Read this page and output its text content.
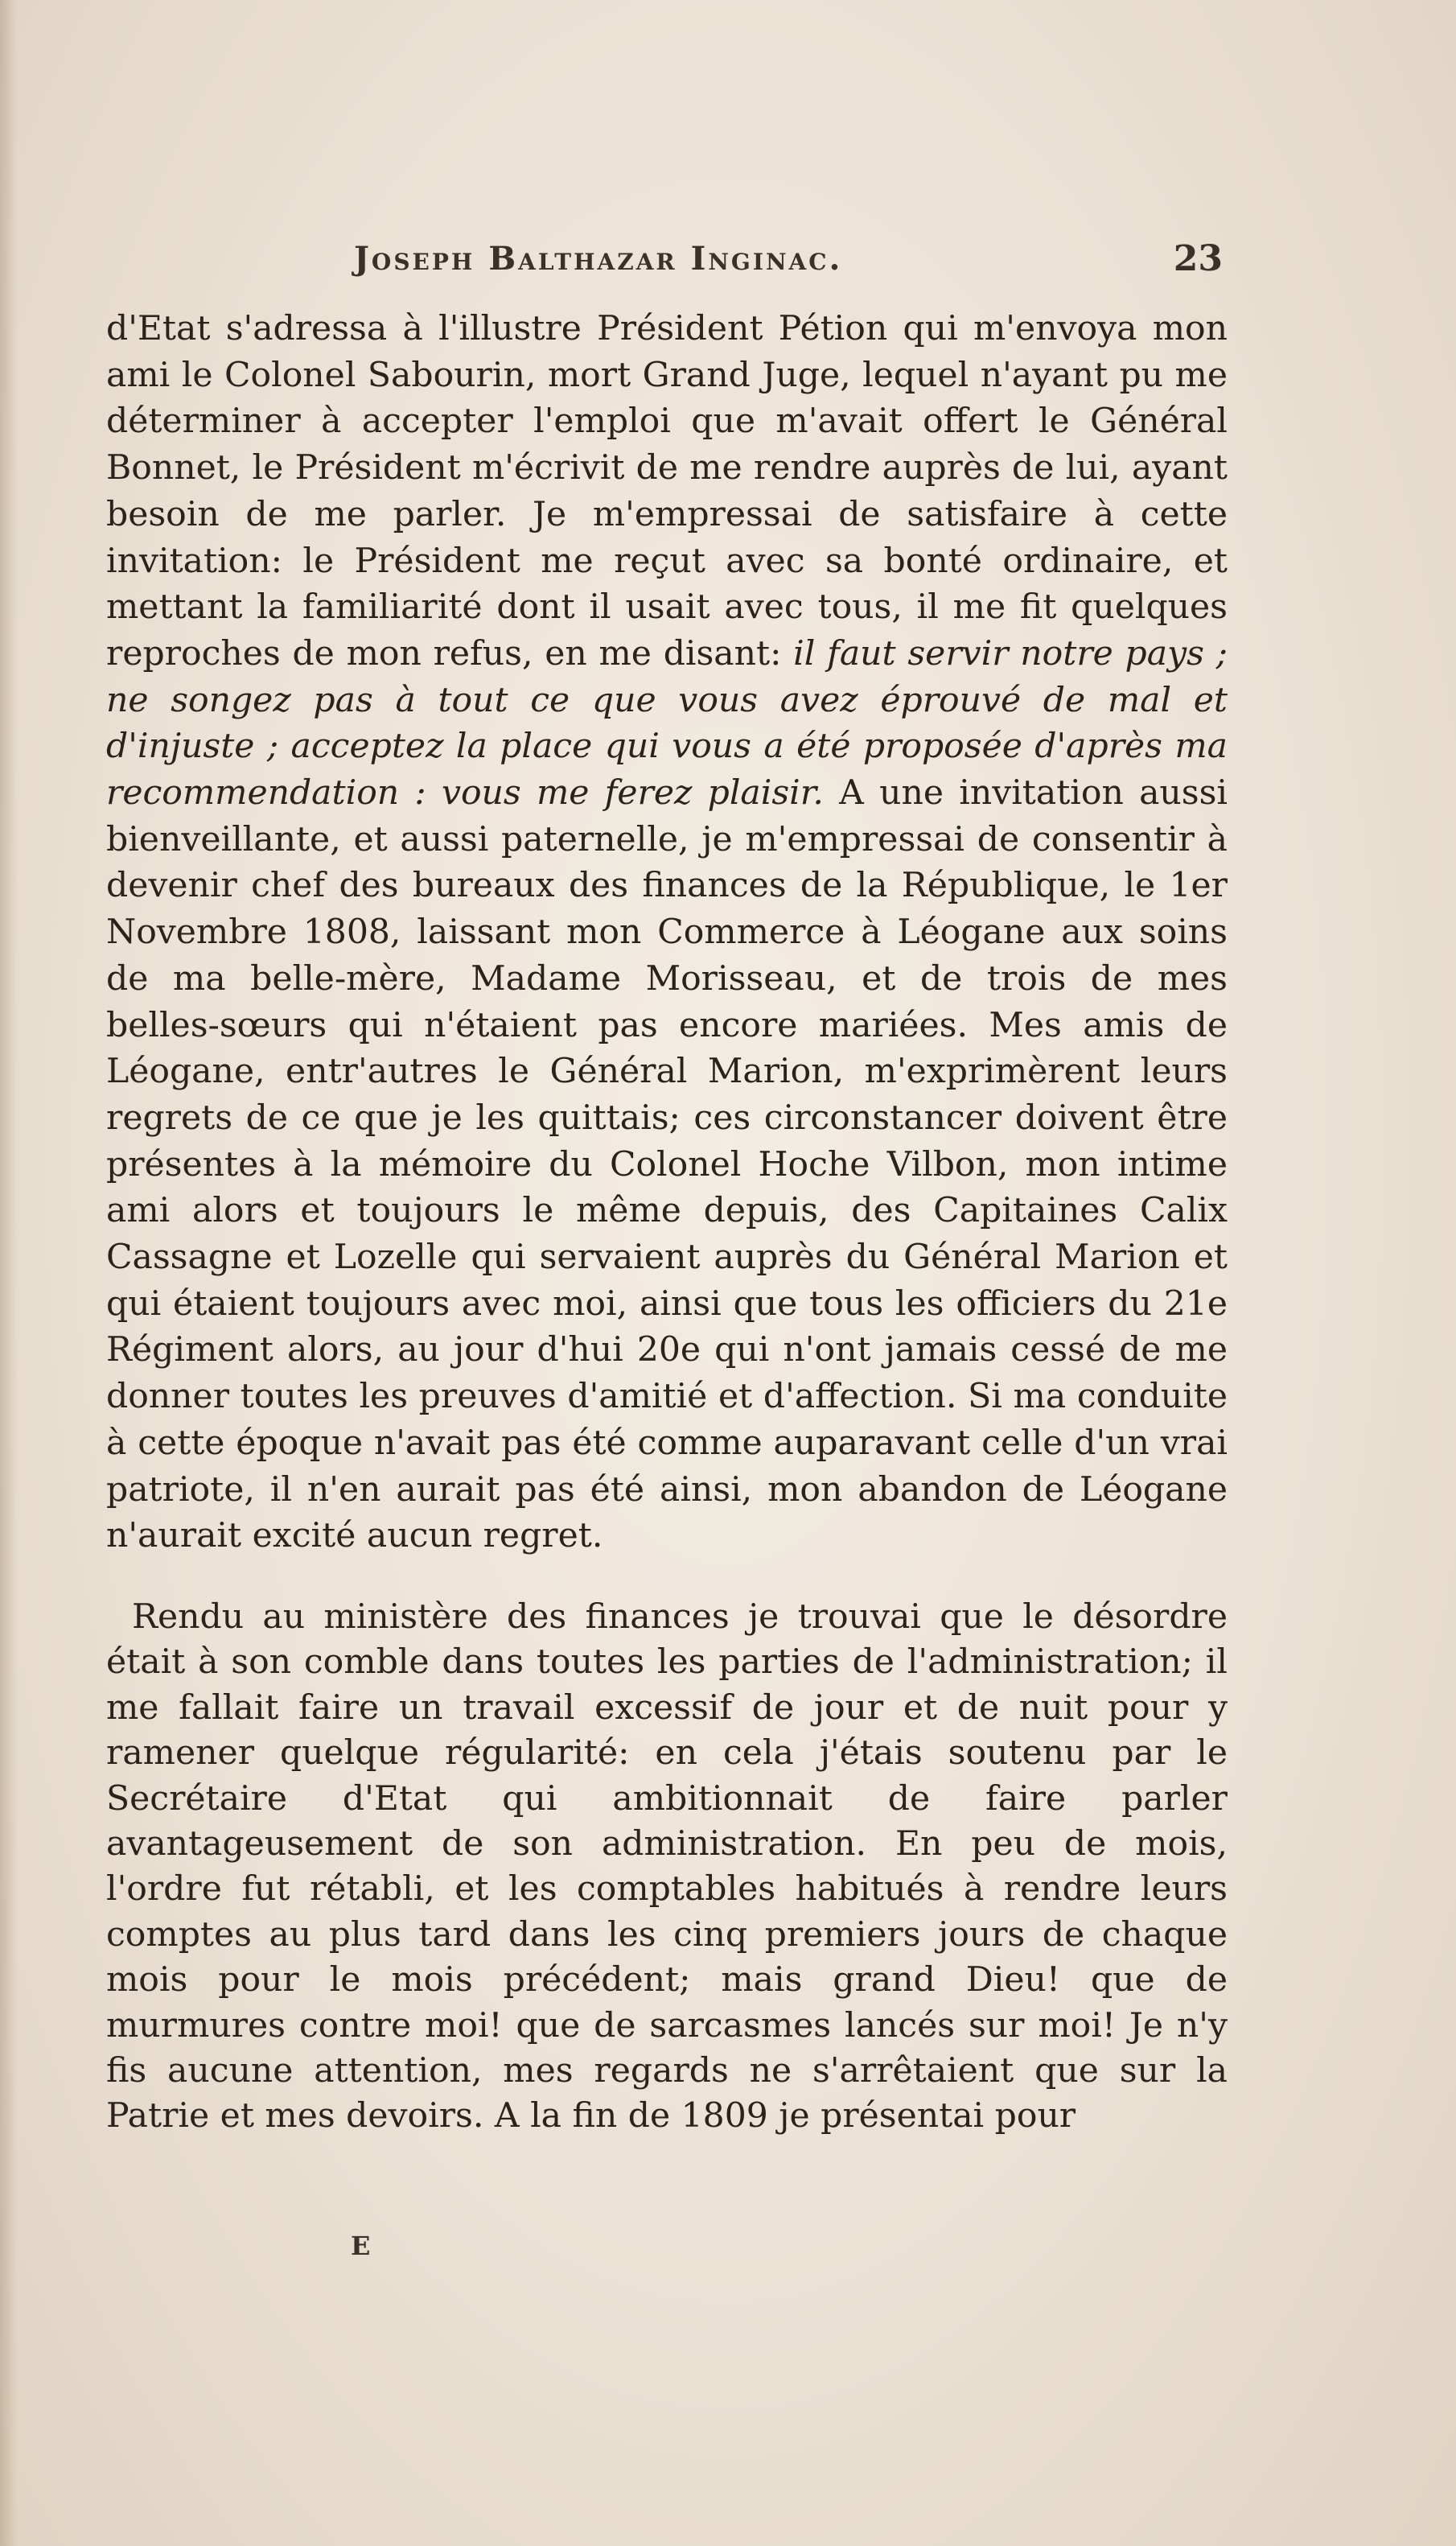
Joseph Balthazar Inginac.	23

d'Etat s'adressa à l'illustre Président Pétion qui m'envoya mon ami le Colonel Sabourin, mort Grand Juge, lequel n'ayant pu me déterminer à accepter l'emploi que m'avait offert le Général Bonnet, le Président m'écrivit de me rendre auprès de lui, ayant besoin de me parler. Je m'empressai de satisfaire à cette invitation: le Président me reçut avec sa bonté ordinaire, et mettant la familiarité dont il usait avec tous, il me fit quelques reproches de mon refus, en me disant: il faut servir notre pays ; ne songez pas à tout ce que vous avez éprouvé de mal et d'injuste ; acceptez la place qui vous a été proposée d'après ma recommendation : vous me ferez plaisir. A une invitation aussi bienveillante, et aussi paternelle, je m'empressai de consentir à devenir chef des bureaux des finances de la République, le 1er Novembre 1808, laissant mon Commerce à Léogane aux soins de ma belle-mère, Madame Morisseau, et de trois de mes belles-sœurs qui n'étaient pas encore mariées. Mes amis de Léogane, entr'autres le Général Marion, m'exprimèrent leurs regrets de ce que je les quittais; ces circonstancer doivent être présentes à la mémoire du Colonel Hoche Vilbon, mon intime ami alors et toujours le même depuis, des Capitaines Calix Cassagne et Lozelle qui servaient auprès du Général Marion et qui étaient toujours avec moi, ainsi que tous les officiers du 21e Régiment alors, au jour d'hui 20e qui n'ont jamais cessé de me donner toutes les preuves d'amitié et d'affection. Si ma conduite à cette époque n'avait pas été comme auparavant celle d'un vrai patriote, il n'en aurait pas été ainsi, mon abandon de Léogane n'aurait excité aucun regret.

Rendu au ministère des finances je trouvai que le désordre était à son comble dans toutes les parties de l'administration; il me fallait faire un travail excessif de jour et de nuit pour y ramener quelque régularité: en cela j'étais soutenu par le Secrétaire d'Etat qui ambitionnait de faire parler avantageusement de son administration. En peu de mois, l'ordre fut rétabli, et les comptables habitués à rendre leurs comptes au plus tard dans les cinq premiers jours de chaque mois pour le mois précédent; mais grand Dieu! que de murmures contre moi! que de sarcasmes lancés sur moi! Je n'y fis aucune attention, mes regards ne s'arrêtaient que sur la Patrie et mes devoirs. A la fin de 1809 je présentai pour

E
